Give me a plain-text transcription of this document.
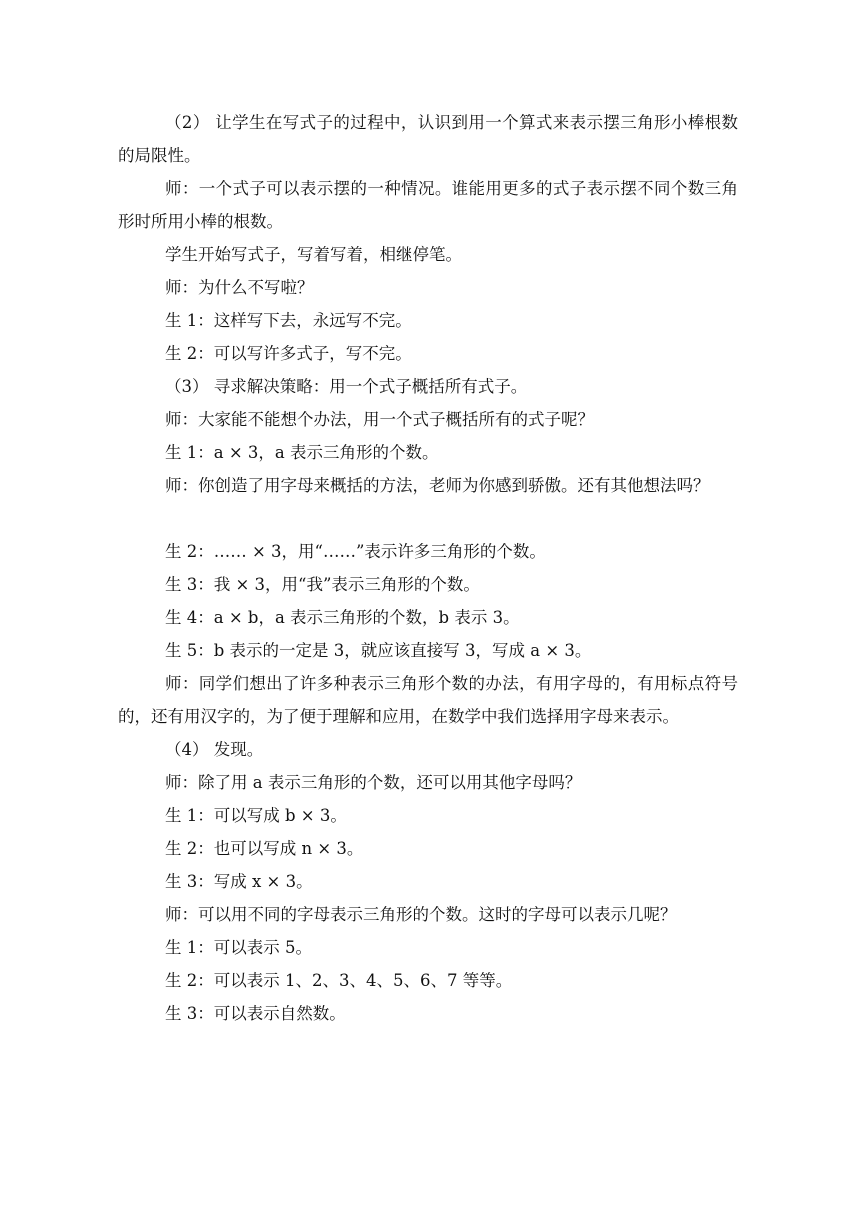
（2） 让学生在写式子的过程中，认识到用一个算式来表示摆三角形小棒根数的局限性。

师：一个式子可以表示摆的一种情况。谁能用更多的式子表示摆不同个数三角形时所用小棒的根数。

学生开始写式子，写着写着，相继停笔。

师：为什么不写啦？

生 1：这样写下去，永远写不完。

生 2：可以写许多式子，写不完。

（3） 寻求解决策略：用一个式子概括所有式子。

师：大家能不能想个办法，用一个式子概括所有的式子呢？

生 1：a × 3，a 表示三角形的个数。

师：你创造了用字母来概括的方法，老师为你感到骄傲。还有其他想法吗？

生 2：…… × 3，用“……”表示许多三角形的个数。

生 3：我 × 3，用“我”表示三角形的个数。

生 4：a × b，a 表示三角形的个数，b 表示 3。

生 5：b 表示的一定是 3，就应该直接写 3，写成 a × 3。

师：同学们想出了许多种表示三角形个数的办法，有用字母的，有用标点符号的，还有用汉字的，为了便于理解和应用，在数学中我们选择用字母来表示。

（4） 发现。

师：除了用 a 表示三角形的个数，还可以用其他字母吗？

生 1：可以写成 b × 3。

生 2：也可以写成 n × 3。

生 3：写成 x × 3。

师：可以用不同的字母表示三角形的个数。这时的字母可以表示几呢？

生 1：可以表示 5。

生 2：可以表示 1、2、3、4、5、6、7 等等。

生 3：可以表示自然数。
